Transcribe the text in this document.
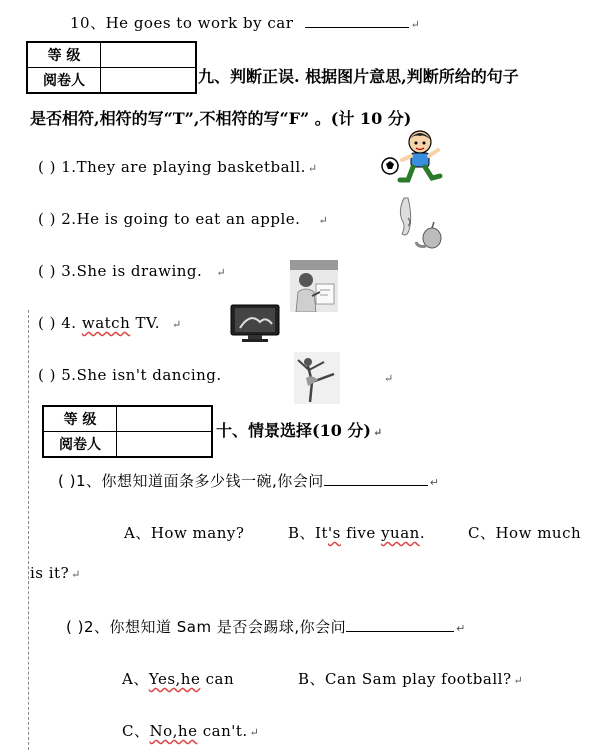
10、He goes to work by car	↵
等 级	
阅卷人		九、判断正误. 根据图片意思,判断所给的句子
是否相符,相符的写“T”,不相符的写“F” 。(计 10 分)
( ) 1.They are playing basketball. ↵
( ) 2.He is going to eat an apple. ↵
( ) 3.She is drawing. ↵
( ) 4. watch TV. ↵
( ) 5.She isn't dancing.	↵
等 级	
阅卷人	
十、情景选择(10 分) ↵
( )1、你想知道面条多少钱一碗,你会问	↵
A、How many?	B、It's five yuan.	C、How much
is it? ↵
( )2、你想知道 Sam 是否会踢球,你会问	↵
A、Yes,he can	B、Can Sam play football? ↵
C、No,he can't. ↵
